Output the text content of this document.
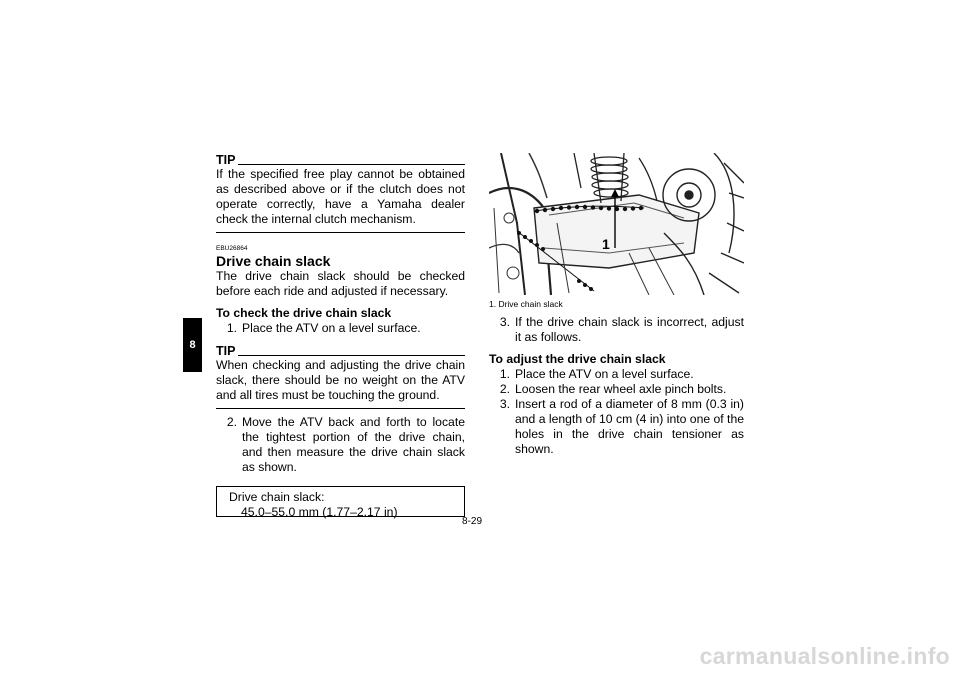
8
TIP
If the specified free play cannot be obtained as described above or if the clutch does not operate correctly, have a Yamaha dealer check the internal clutch mechanism.
EBU26864
Drive chain slack

The drive chain slack should be checked before each ride and adjusted if necessary.

To check the drive chain slack
1. Place the ATV on a level surface.
TIP
When checking and adjusting the drive chain slack, there should be no weight on the ATV and all tires must be touching the ground.
2. Move the ATV back and forth to locate the tightest portion of the drive chain, and then measure the drive chain slack as shown.
Drive chain slack:
45.0–55.0 mm (1.77–2.17 in)
1
1. Drive chain slack
3. If the drive chain slack is incorrect, adjust it as follows.
To adjust the drive chain slack
1. Place the ATV on a level surface.
2. Loosen the rear wheel axle pinch bolts.
3. Insert a rod of a diameter of 8 mm (0.3 in) and a length of 10 cm (4 in) into one of the holes in the drive chain tensioner as shown.
8-29
carmanualsonline.info
